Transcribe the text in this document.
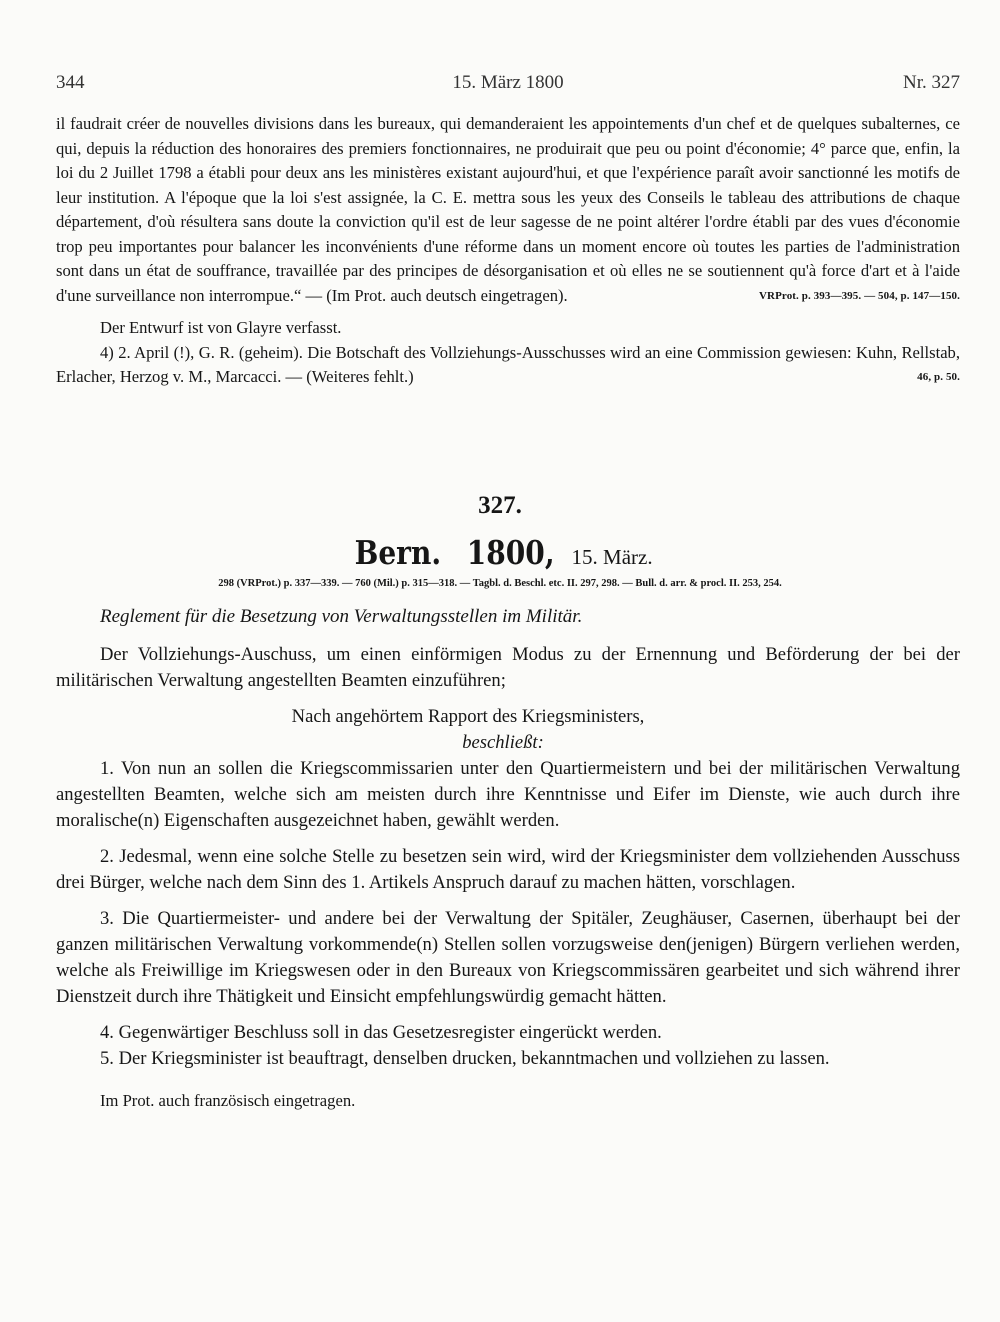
344	15. März 1800	Nr. 327

il faudrait créer de nouvelles divisions dans les bureaux, qui demanderaient les appointements d'un chef et de quelques subalternes, ce qui, depuis la réduction des honoraires des premiers fonctionnaires, ne produirait que peu ou point d'économie; 4° parce que, enfin, la loi du 2 Juillet 1798 a établi pour deux ans les ministères existant aujourd'hui, et que l'expérience paraît avoir sanctionné les motifs de leur institution. A l'époque que la loi s'est assignée, la C. E. mettra sous les yeux des Conseils le tableau des attributions de chaque département, d'où résultera sans doute la conviction qu'il est de leur sagesse de ne point altérer l'ordre établi par des vues d'économie trop peu importantes pour balancer les inconvénients d'une réforme dans un moment encore où toutes les parties de l'administration sont dans un état de souffrance, travaillée par des principes de désorganisation et où elles ne se soutiennent qu'à force d'art et à l'aide d'une surveillance non interrompue.“ — (Im Prot. auch deutsch eingetragen).	VRProt. p. 393—395. — 504, p. 147—150.

Der Entwurf ist von Glayre verfasst.

4) 2. April (!), G. R. (geheim). Die Botschaft des Vollziehungs-Ausschusses wird an eine Commission gewiesen: Kuhn, Rellstab, Erlacher, Herzog v. M., Marcacci. — (Weiteres fehlt.)	46, p. 50.

327.
Bern. 1800, 15. März.
298 (VRProt.) p. 337—339. — 760 (Mil.) p. 315—318. — Tagbl. d. Beschl. etc. II. 297, 298. — Bull. d. arr. & procl. II. 253, 254.
Reglement für die Besetzung von Verwaltungsstellen im Militär.

Der Vollziehungs-Auschuss, um einen einförmigen Modus zu der Ernennung und Beförderung der bei der militärischen Verwaltung angestellten Beamten einzuführen;

Nach angehörtem Rapport des Kriegsministers,

beschließt:

1. Von nun an sollen die Kriegscommissarien unter den Quartiermeistern und bei der militärischen Verwaltung angestellten Beamten, welche sich am meisten durch ihre Kenntnisse und Eifer im Dienste, wie auch durch ihre moralische(n) Eigenschaften ausgezeichnet haben, gewählt werden.

2. Jedesmal, wenn eine solche Stelle zu besetzen sein wird, wird der Kriegsminister dem vollziehenden Ausschuss drei Bürger, welche nach dem Sinn des 1. Artikels Anspruch darauf zu machen hätten, vorschlagen.

3. Die Quartiermeister- und andere bei der Verwaltung der Spitäler, Zeughäuser, Casernen, überhaupt bei der ganzen militärischen Verwaltung vorkommende(n) Stellen sollen vorzugsweise den(jenigen) Bürgern verliehen werden, welche als Freiwillige im Kriegswesen oder in den Bureaux von Kriegscommissären gearbeitet und sich während ihrer Dienstzeit durch ihre Thätigkeit und Einsicht empfehlungswürdig gemacht hätten.

4. Gegenwärtiger Beschluss soll in das Gesetzesregister eingerückt werden.

5. Der Kriegsminister ist beauftragt, denselben drucken, bekanntmachen und vollziehen zu lassen.

Im Prot. auch französisch eingetragen.
